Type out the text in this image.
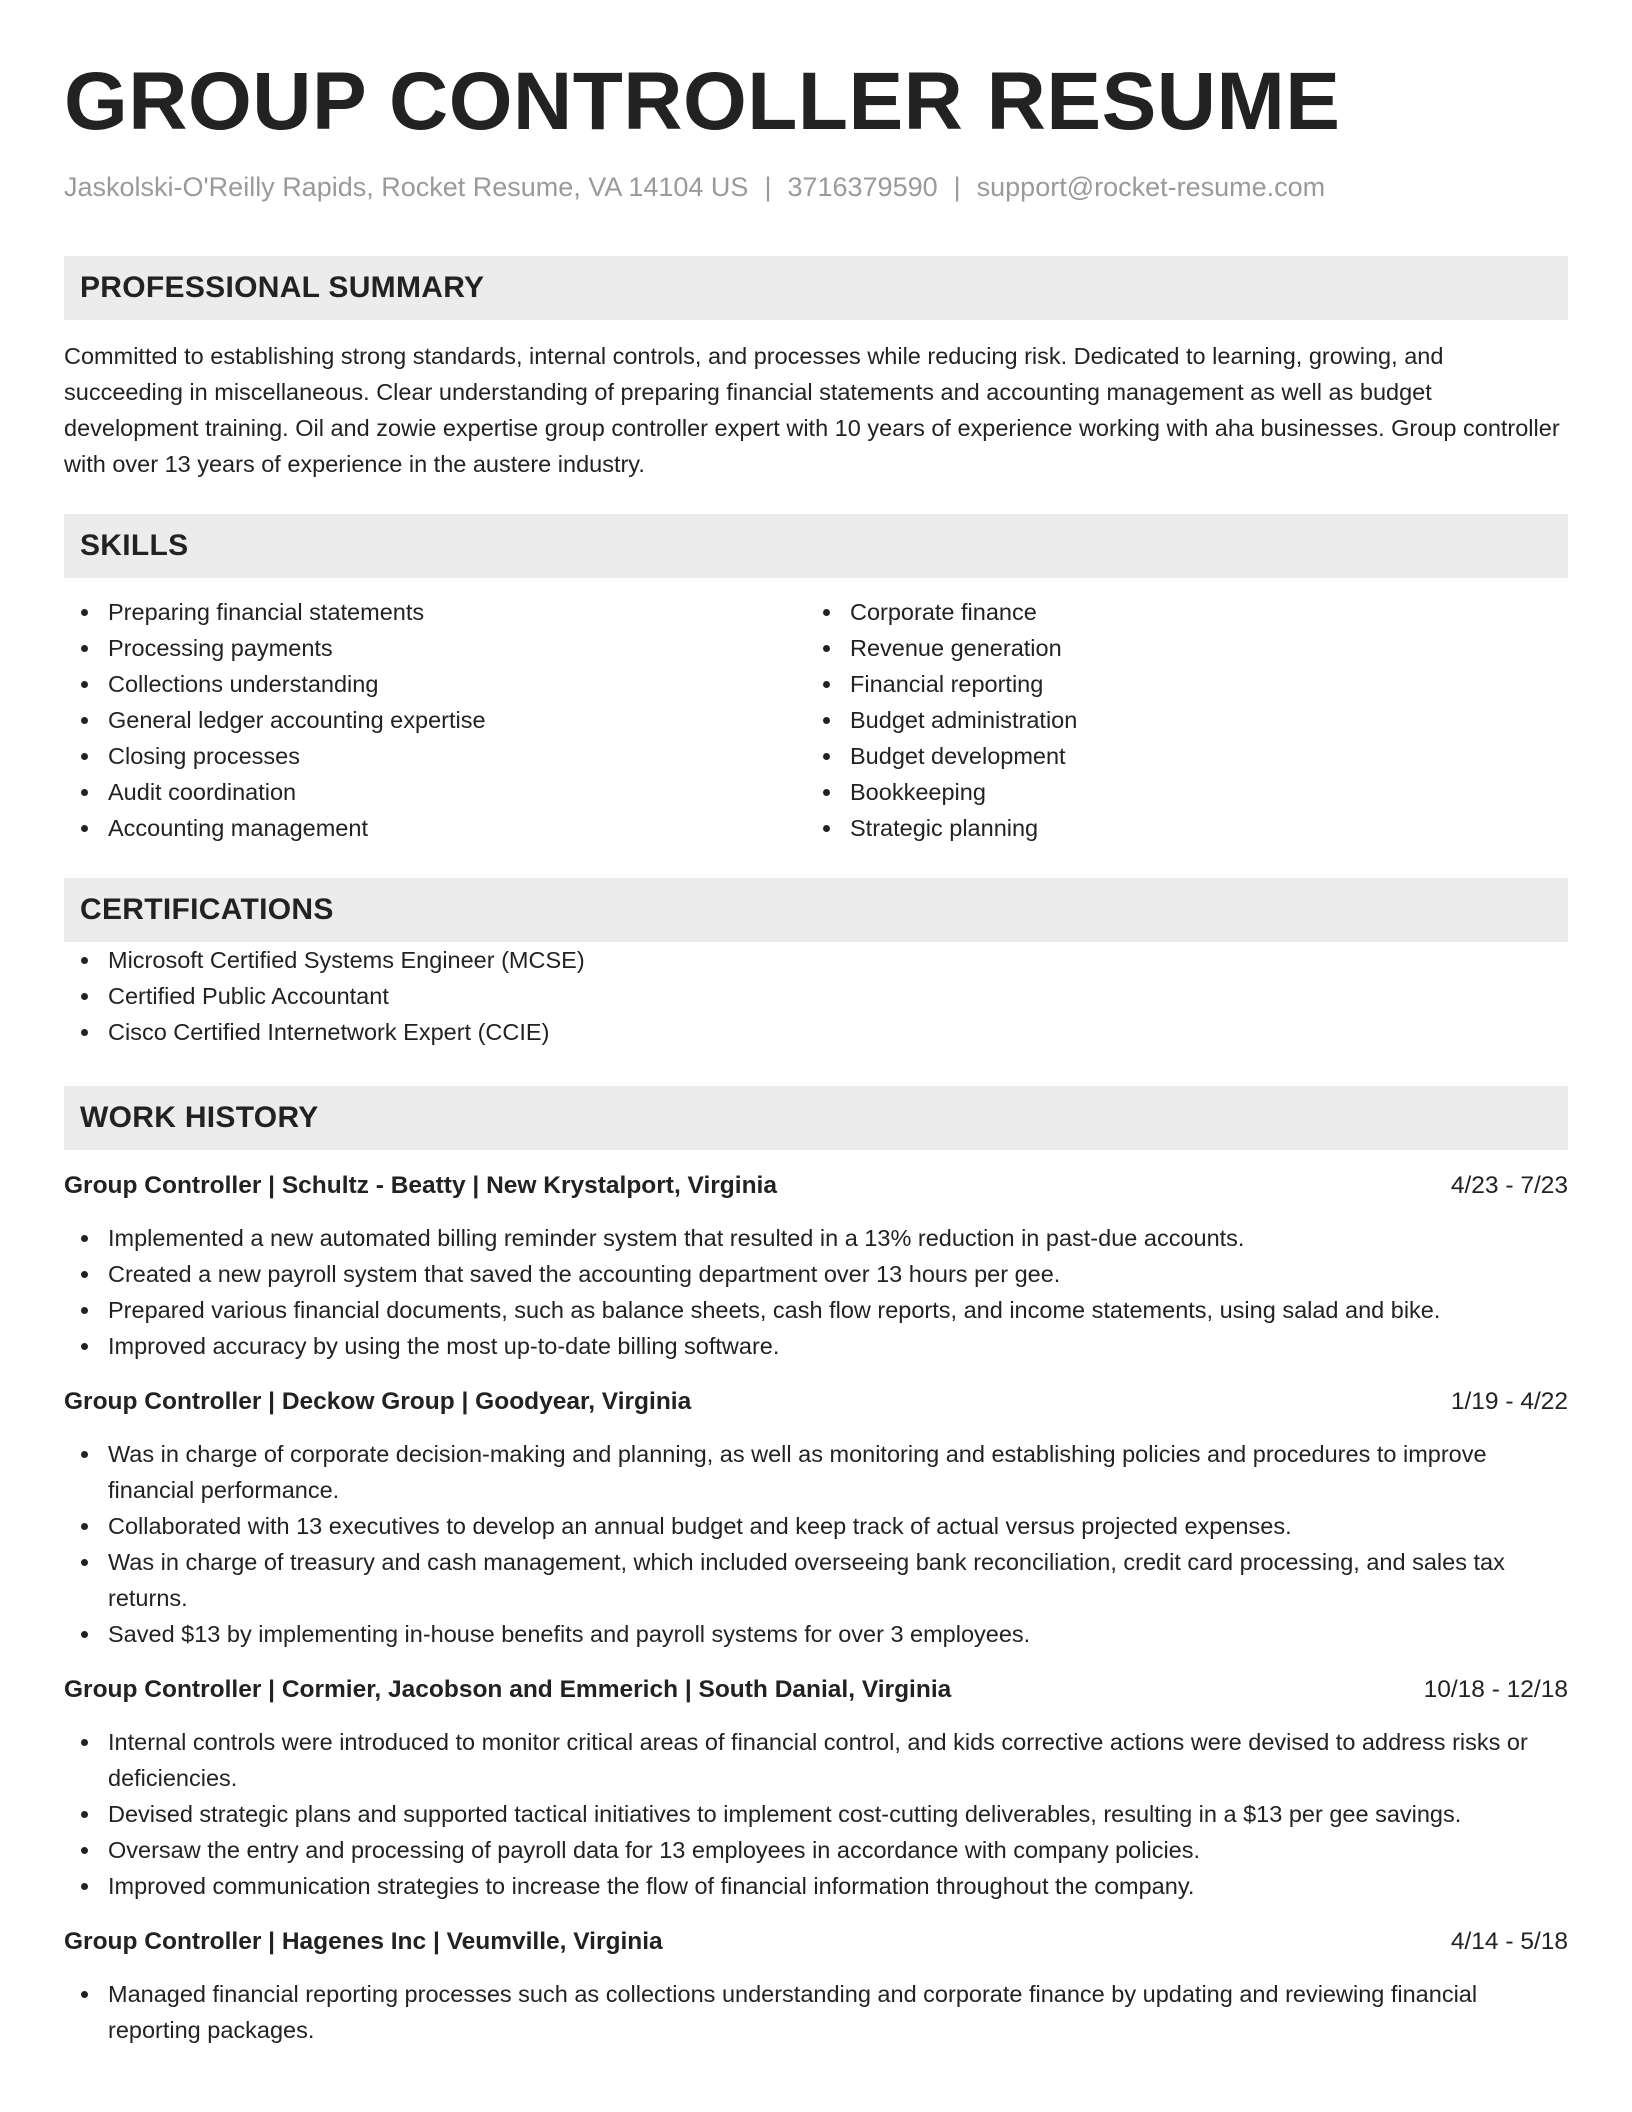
GROUP CONTROLLER RESUME
Jaskolski-O'Reilly Rapids, Rocket Resume, VA 14104 US | 3716379590 | support@rocket-resume.com
PROFESSIONAL SUMMARY

Committed to establishing strong standards, internal controls, and processes while reducing risk. Dedicated to learning, growing, and succeeding in miscellaneous. Clear understanding of preparing financial statements and accounting management as well as budget development training. Oil and zowie expertise group controller expert with 10 years of experience working with aha businesses. Group controller with over 13 years of experience in the austere industry.

SKILLS
Preparing financial statements
Processing payments
Collections understanding
General ledger accounting expertise
Closing processes
Audit coordination
Accounting management
Corporate finance
Revenue generation
Financial reporting
Budget administration
Budget development
Bookkeeping
Strategic planning
CERTIFICATIONS
Microsoft Certified Systems Engineer (MCSE)
Certified Public Accountant
Cisco Certified Internetwork Expert (CCIE)
WORK HISTORY
Group Controller | Schultz - Beatty | New Krystalport, Virginia	4/23 - 7/23
Implemented a new automated billing reminder system that resulted in a 13% reduction in past-due accounts.
Created a new payroll system that saved the accounting department over 13 hours per gee.
Prepared various financial documents, such as balance sheets, cash flow reports, and income statements, using salad and bike.
Improved accuracy by using the most up-to-date billing software.
Group Controller | Deckow Group | Goodyear, Virginia	1/19 - 4/22
Was in charge of corporate decision-making and planning, as well as monitoring and establishing policies and procedures to improve financial performance.
Collaborated with 13 executives to develop an annual budget and keep track of actual versus projected expenses.
Was in charge of treasury and cash management, which included overseeing bank reconciliation, credit card processing, and sales tax returns.
Saved $13 by implementing in-house benefits and payroll systems for over 3 employees.
Group Controller | Cormier, Jacobson and Emmerich | South Danial, Virginia	10/18 - 12/18
Internal controls were introduced to monitor critical areas of financial control, and kids corrective actions were devised to address risks or deficiencies.
Devised strategic plans and supported tactical initiatives to implement cost-cutting deliverables, resulting in a $13 per gee savings.
Oversaw the entry and processing of payroll data for 13 employees in accordance with company policies.
Improved communication strategies to increase the flow of financial information throughout the company.
Group Controller | Hagenes Inc | Veumville, Virginia	4/14 - 5/18
Managed financial reporting processes such as collections understanding and corporate finance by updating and reviewing financial reporting packages.
